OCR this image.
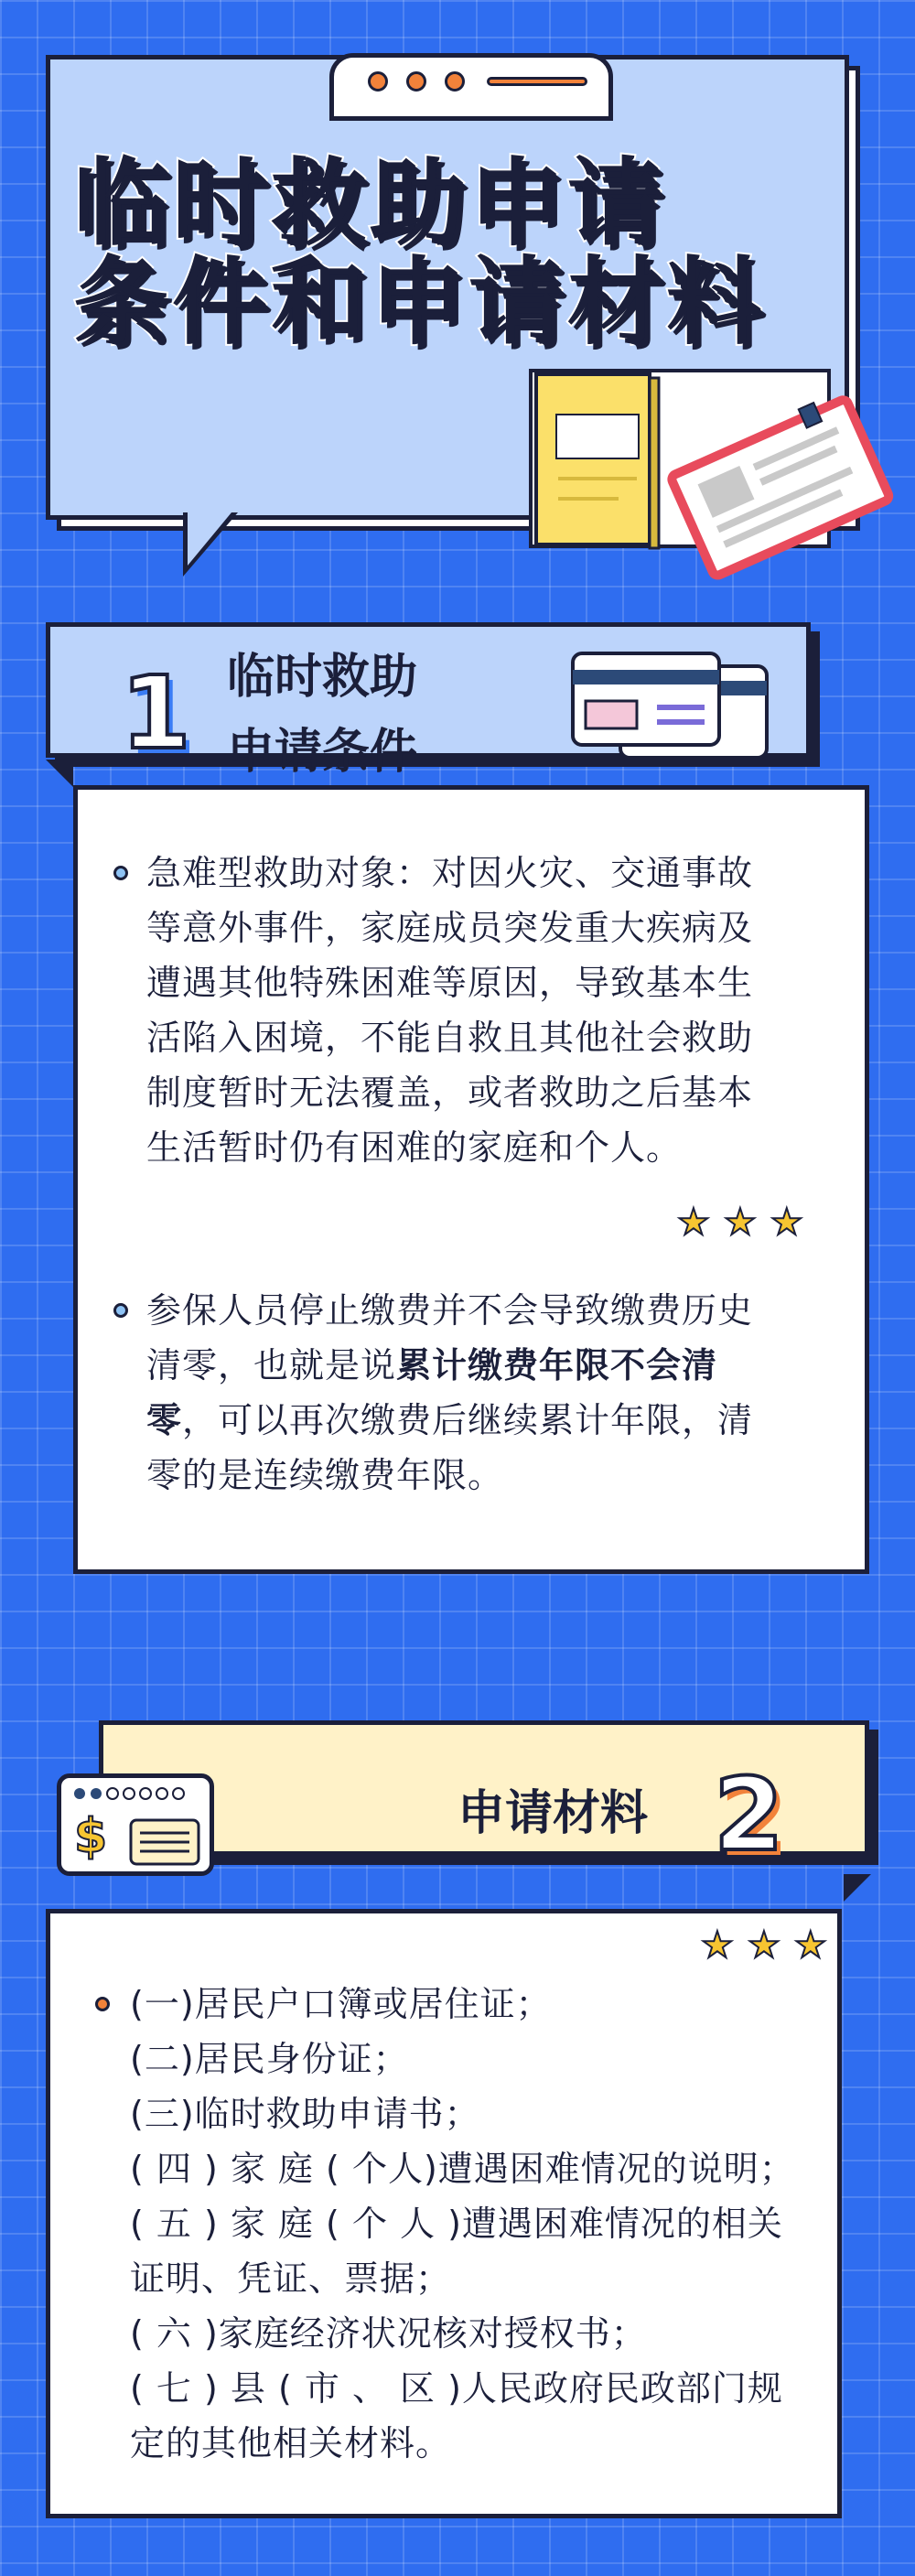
临时救助申请
条件和申请材料
1 临时救助
申请条件
急难型救助对象：对因火灾、交通事故
等意外事件，家庭成员突发重大疾病及
遭遇其他特殊困难等原因，导致基本生
活陷入困境，不能自救且其他社会救助
制度暂时无法覆盖，或者救助之后基本
生活暂时仍有困难的家庭和个人。
★ ★ ★
参保人员停止缴费并不会导致缴费历史
清零，也就是说累计缴费年限不会清
零，可以再次缴费后继续累计年限，清
零的是连续缴费年限。
$	申请材料 2
★ ★ ★
(一)居民户口簿或居住证；
(二)居民身份证；
(三)临时救助申请书；
( 四 ) 家 庭 ( 个人)遭遇困难情况的说明；
( 五 ) 家 庭 ( 个 人 )遭遇困难情况的相关
证明、凭证、票据；
( 六 )家庭经济状况核对授权书；
( 七 ) 县 ( 市 、 区 )人民政府民政部门规
定的其他相关材料。
